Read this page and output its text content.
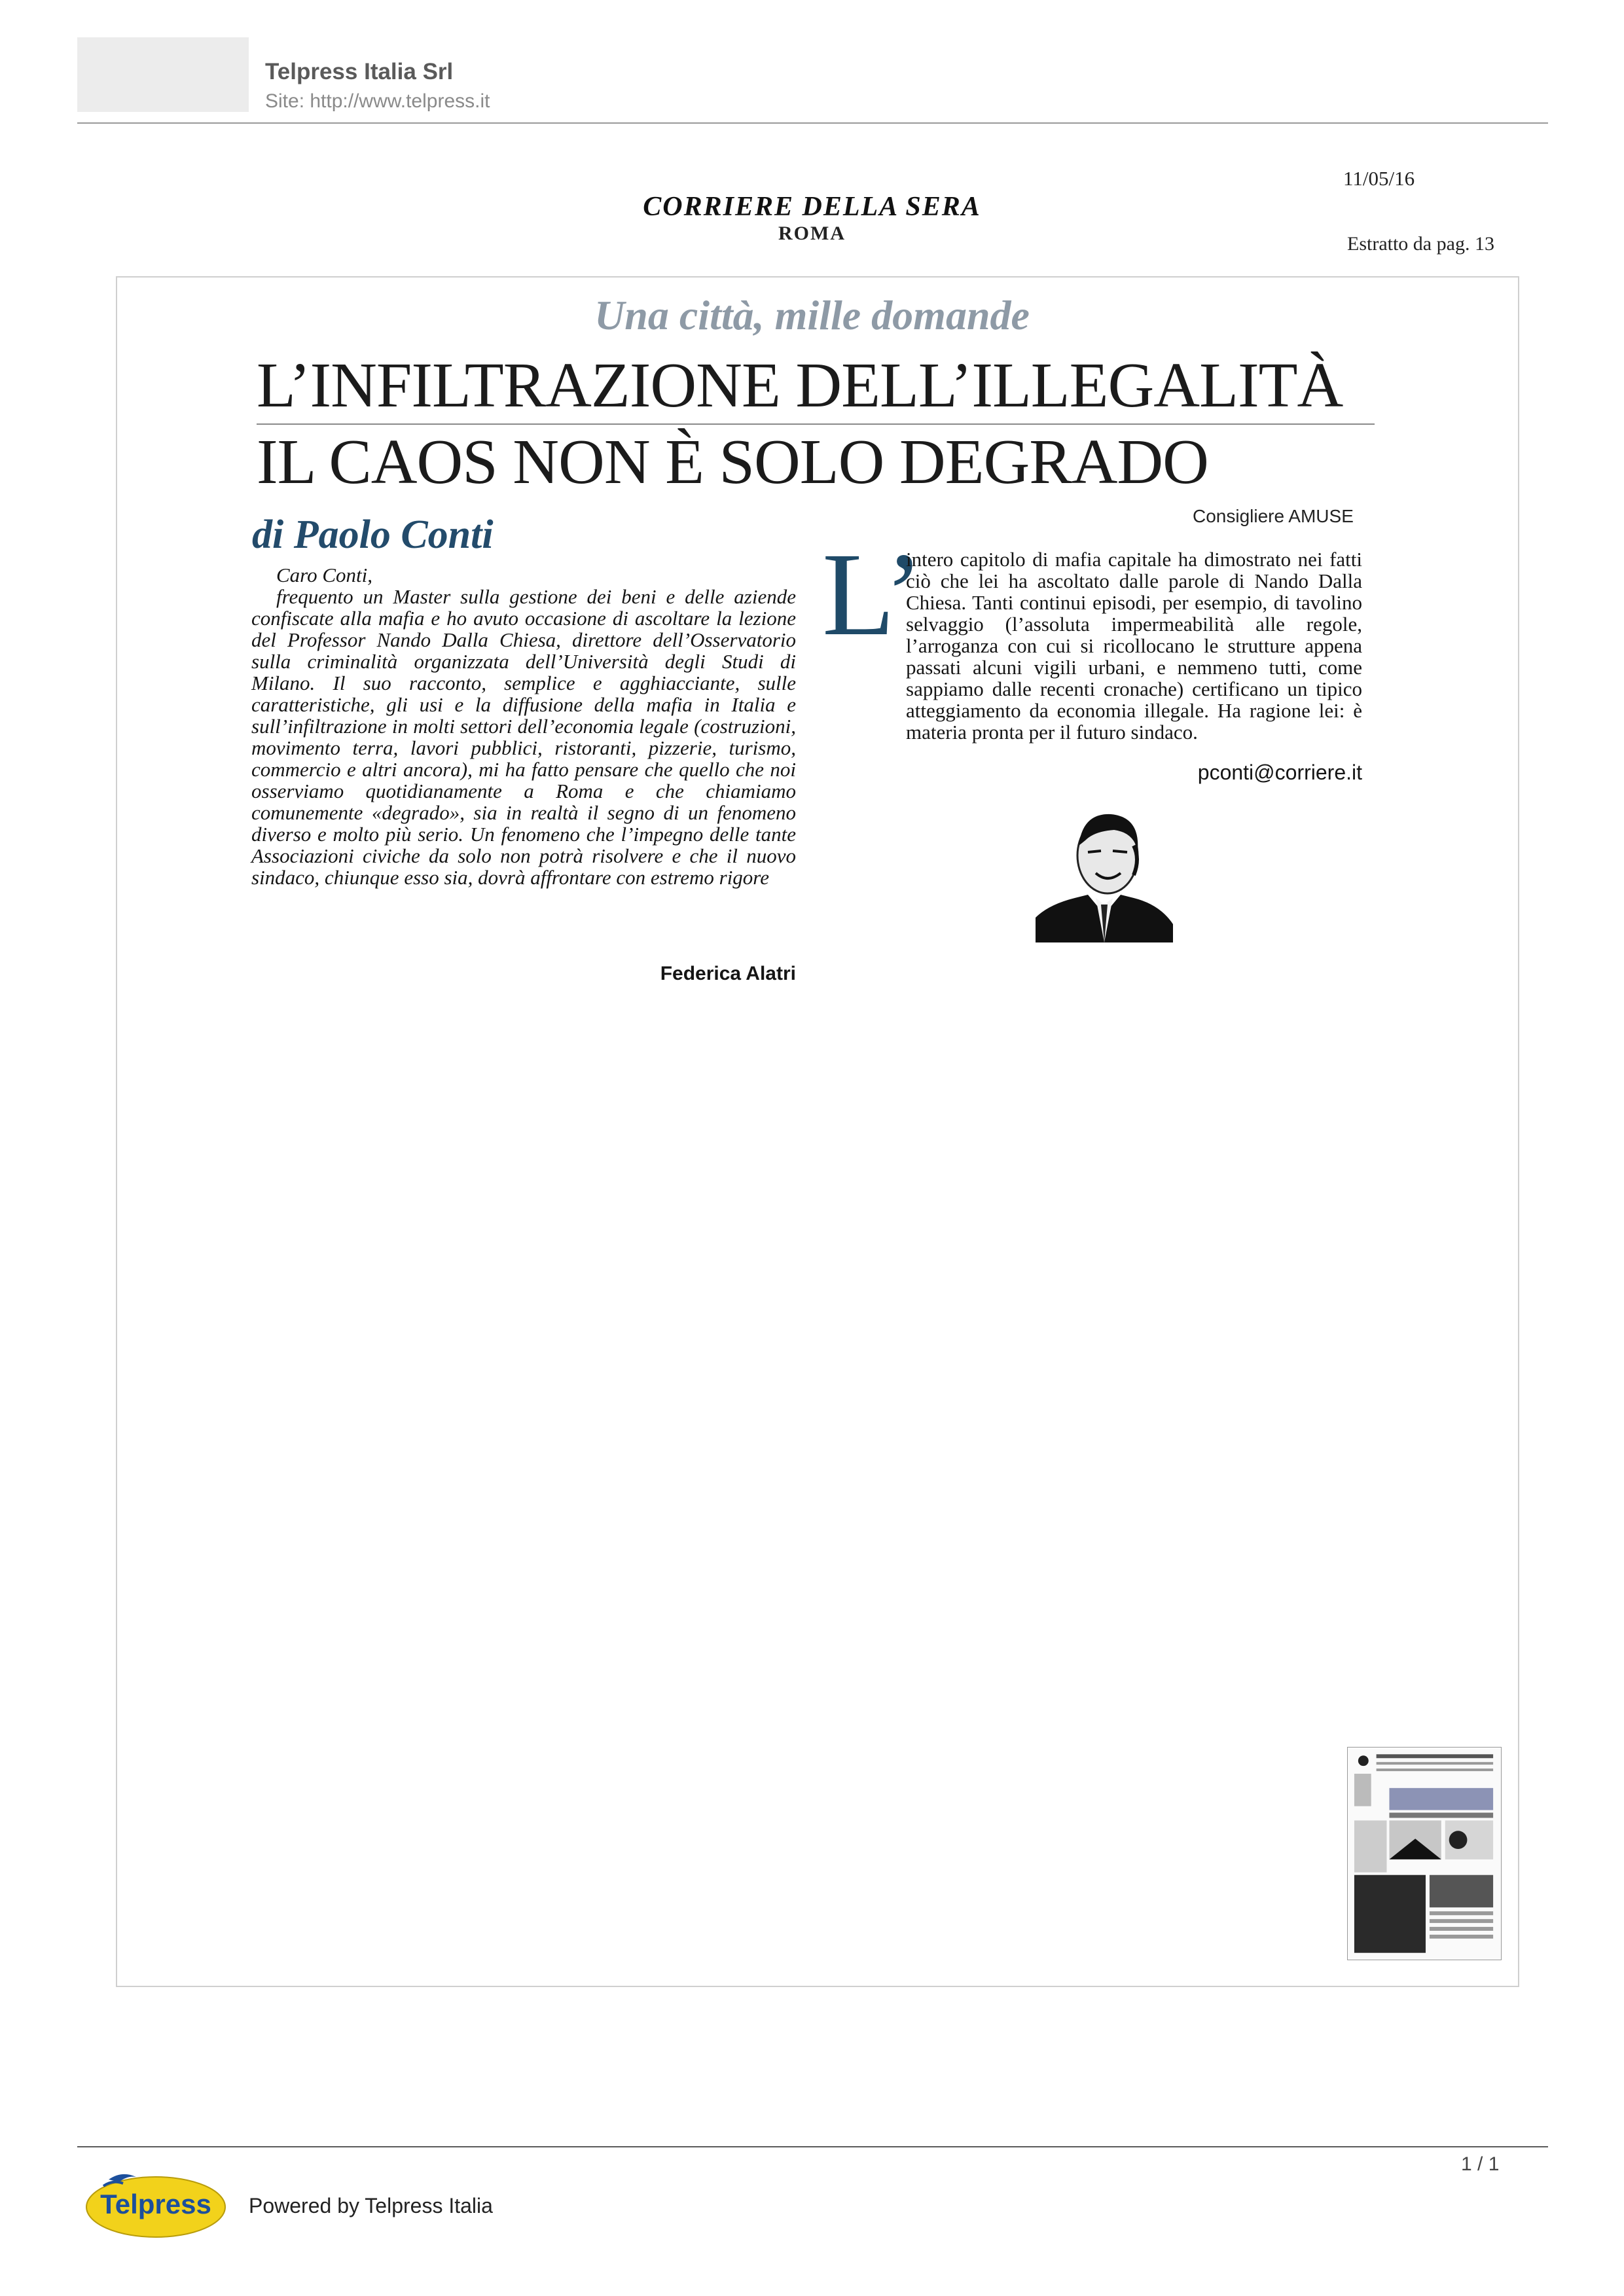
Telpress Italia Srl
Site: http://www.telpress.it
11/05/16
CORRIERE DELLA SERA
ROMA	Estratto da pag. 13
Una città, mille domande
L’INFILTRAZIONE DELL’ILLEGALITÀ
IL CAOS NON È SOLO DEGRADO
di Paolo Conti	Consigliere AMUSE

Caro Conti,

frequento un Master sulla gestione dei beni e delle aziende confiscate alla mafia e ho avuto occasione di ascoltare la lezione del Professor Nando Dalla Chiesa, direttore dell’Osservatorio sulla criminalità organizzata dell’Università degli Studi di Milano. Il suo racconto, semplice e agghiacciante, sulle caratteristiche, gli usi e la diffusione della mafia in Italia e sull’infiltrazione in molti settori dell’economia legale (costruzioni, movimento terra, lavori pubblici, ristoranti, pizzerie, turismo, commercio e altri ancora), mi ha fatto pensare che quello che noi osserviamo quotidianamente a Roma e che chiamiamo comunemente «degrado», sia in realtà il segno di un fenomeno diverso e molto più serio. Un fenomeno che l’impegno delle tante Associazioni civiche da solo non potrà risolvere e che il nuovo sindaco, chiunque esso sia, dovrà affrontare con estremo rigore

Federica Alatri
L’

intero capitolo di mafia capitale ha dimostrato nei fatti ciò che lei ha ascoltato dalle parole di Nando Dalla Chiesa. Tanti continui episodi, per esempio, di tavolino selvaggio (l’assoluta impermeabilità alle regole, l’arroganza con cui si ricollocano le strutture appena passati alcuni vigili urbani, e nemmeno tutti, come sappiamo dalle recenti cronache) certificano un tipico atteggiamento da economia illegale. Ha ragione lei: è materia pronta per il futuro sindaco.

pconti@corriere.it
1 / 1
Telpress Powered by Telpress Italia
